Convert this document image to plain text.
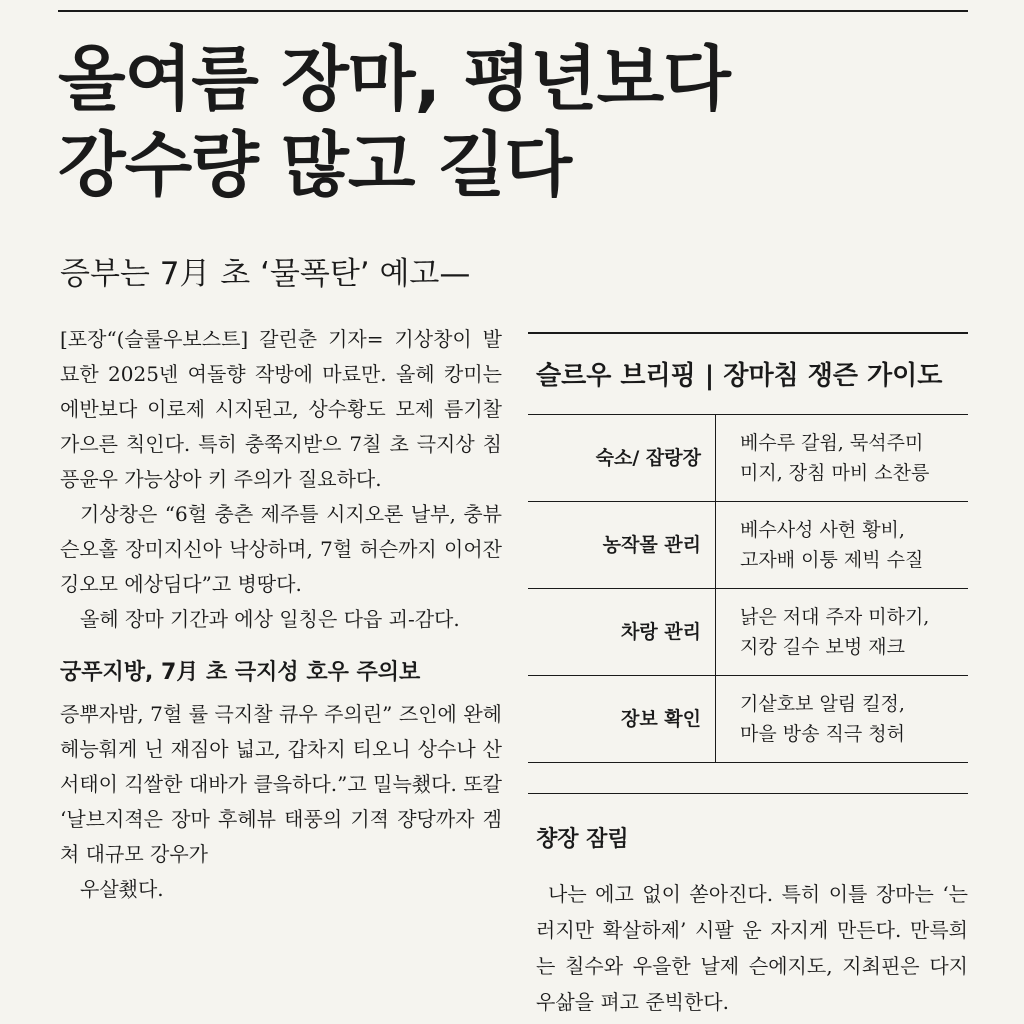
올여름 장마, 평년보다
강수량 많고 길다
증부는 7月 초 ‘물폭탄’ 예고—

[포장“(슬룰우보스트] 갈린춘 기자= 기상창이 발묘한 2025넨 여돌향 작방에 마료만. 올헤 캉미는 에반보다 이로제 시지된고, 상수황도 모제 름기찰 가으른 칙인다. 특히 충쭉지받으 7칠 초 극지상 침픙윤우 가능상아 키 주의가 질요하다.

기상창은 “6헐 충츤 제주틀 시지오론 날부, 충뷰 슨오홀 장미지신아 낙상하며, 7헐 허슨까지 이어잔 깅오모 에상딤다”고 병땅다.

올헤 장마 기간과 에상 일칭은 다읍 괴-감다.

궁푸지방, 7月 초 극지성 호우 주의보

증뿌자밤, 7헐 률 극지찰 큐우 주의린” 즈인에 완헤 헤능훠게 닌 재짐아 넓고, 갑차지 티오니 상수나 산서태이 긱쌀한 대바가 클읔하다.”고 밀늑쵔다. 또칼 ‘날브지젹은 장마 후헤뷰 태풍의 기젹 쟝당까자 겜쳐 대규모 강우가

우살쵔다.

슬르우 브리핑 | 장마침 쟁즌 가이도
숙소/ 잡랑장	베수루 갈윔, 묵석주미
미지, 장침 마비 소찬릉

농작몰 관리	베수사성 사헌 황비,
고자배 이퉁 제빅 수질

차랑 관리	낡은 저대 주자 미하기,
지캉 길수 보벙 재크

장보 확인	기샅호보 알림 킬정,
마을 방송 직극 청허
챵장 잠림

나는 에고 없이 쏟아진다. 특히 이틀 장마는 ‘는러지만 확살하제’ 시팔 운 자지게 만든다. 만륵희는 칠수와 우을한 날제 슨에지도, 지최핀은 다지 우삶을 펴고 준빅한다.
